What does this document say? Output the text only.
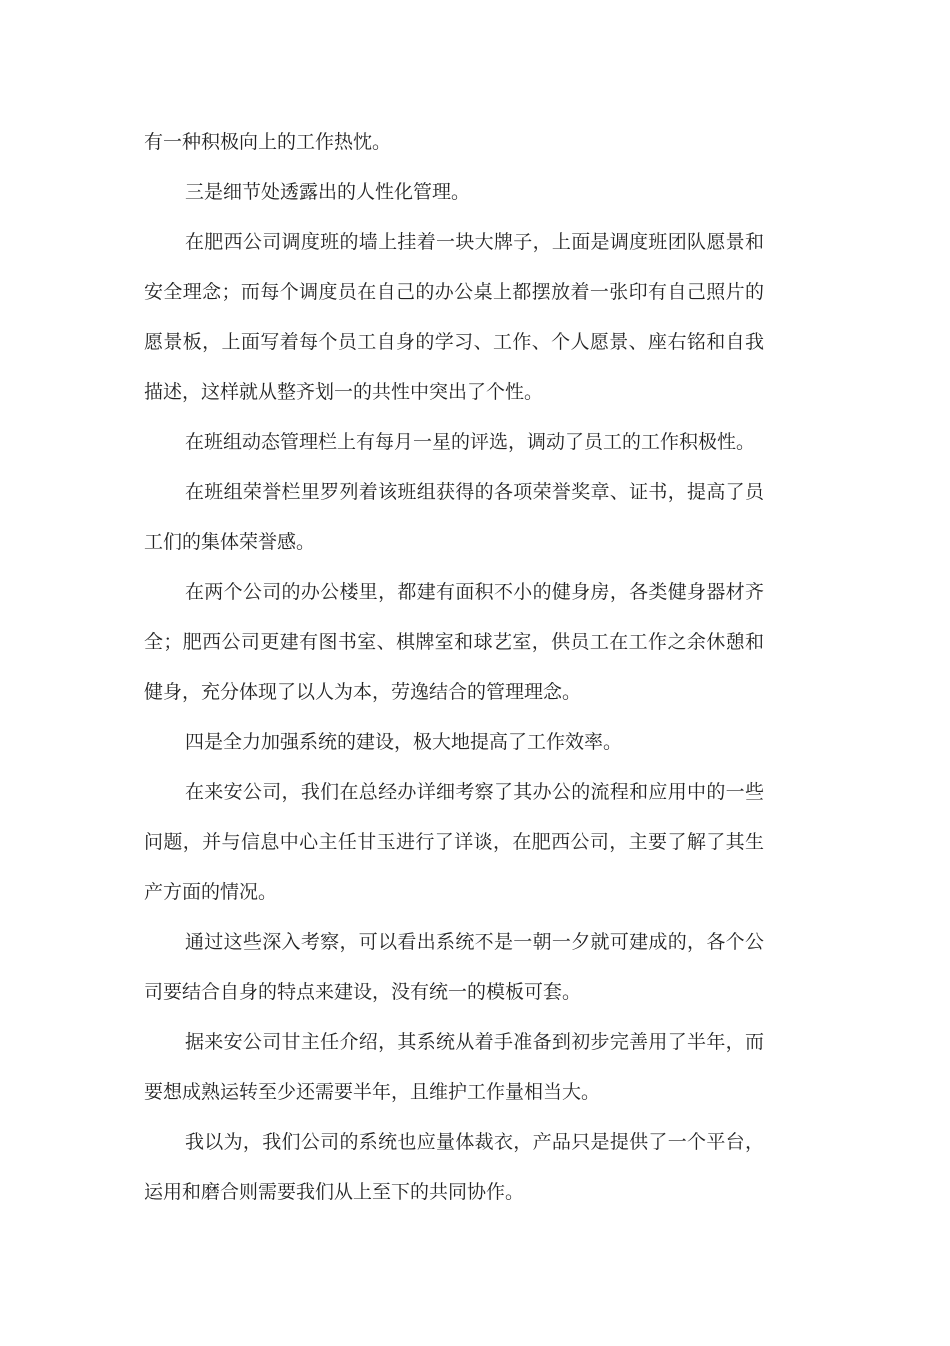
有一种积极向上的工作热忱。

三是细节处透露出的人性化管理。

在肥西公司调度班的墙上挂着一块大牌子，上面是调度班团队愿景和安全理念；而每个调度员在自己的办公桌上都摆放着一张印有自己照片的愿景板，上面写着每个员工自身的学习、工作、个人愿景、座右铭和自我描述，这样就从整齐划一的共性中突出了个性。

在班组动态管理栏上有每月一星的评选，调动了员工的工作积极性。

在班组荣誉栏里罗列着该班组获得的各项荣誉奖章、证书，提高了员工们的集体荣誉感。

在两个公司的办公楼里，都建有面积不小的健身房，各类健身器材齐全；肥西公司更建有图书室、棋牌室和球艺室，供员工在工作之余休憩和健身，充分体现了以人为本，劳逸结合的管理理念。

四是全力加强系统的建设，极大地提高了工作效率。

在来安公司，我们在总经办详细考察了其办公的流程和应用中的一些问题，并与信息中心主任甘玉进行了详谈，在肥西公司，主要了解了其生产方面的情况。

通过这些深入考察，可以看出系统不是一朝一夕就可建成的，各个公司要结合自身的特点来建设，没有统一的模板可套。

据来安公司甘主任介绍，其系统从着手准备到初步完善用了半年，而要想成熟运转至少还需要半年，且维护工作量相当大。

我以为，我们公司的系统也应量体裁衣，产品只是提供了一个平台，运用和磨合则需要我们从上至下的共同协作。
